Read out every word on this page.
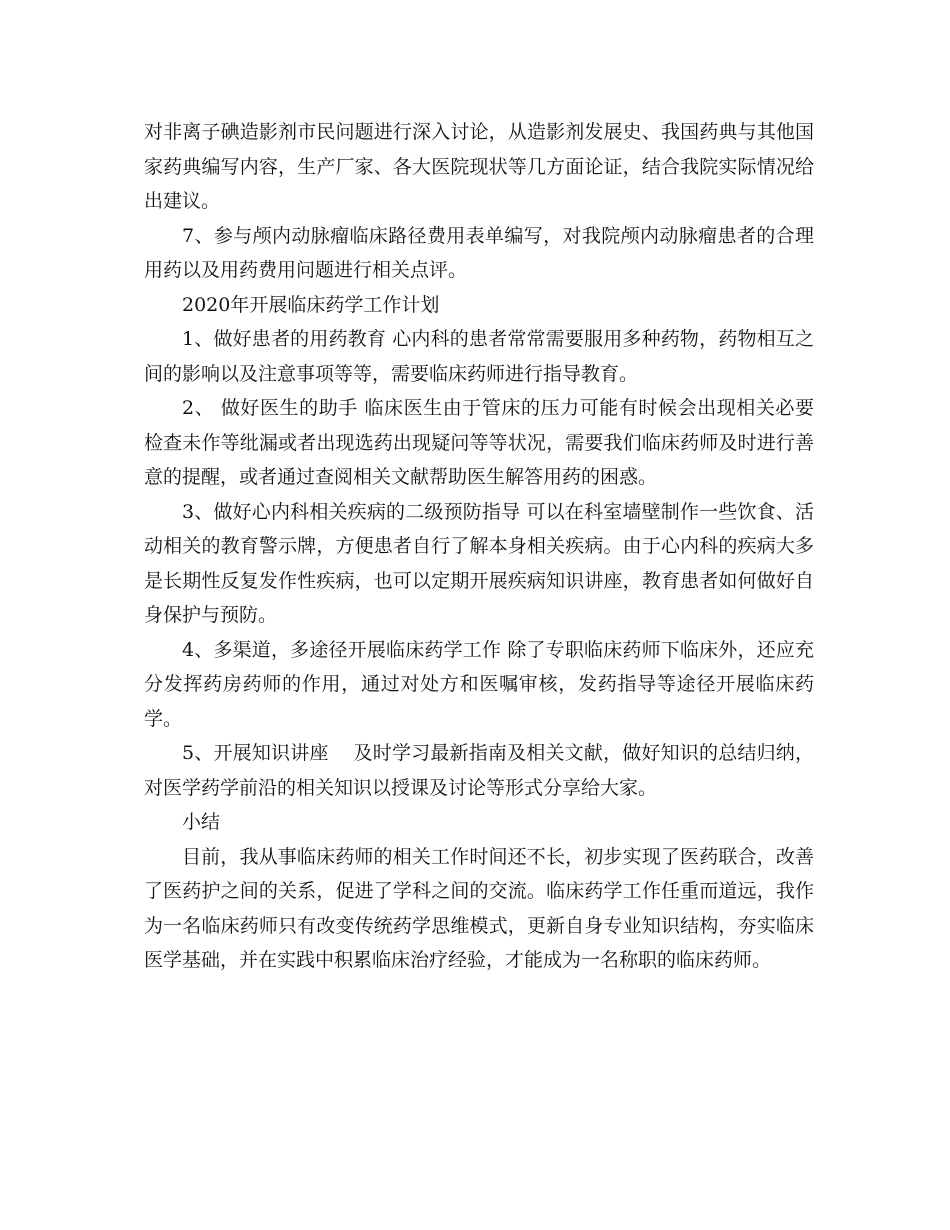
对非离子碘造影剂市民问题进行深入讨论，从造影剂发展史、我国药典与其他国家药典编写内容，生产厂家、各大医院现状等几方面论证，结合我院实际情况给出建议。

7、参与颅内动脉瘤临床路径费用表单编写，对我院颅内动脉瘤患者的合理用药以及用药费用问题进行相关点评。

2020年开展临床药学工作计划

1、做好患者的用药教育 心内科的患者常常需要服用多种药物，药物相互之间的影响以及注意事项等等，需要临床药师进行指导教育。

2、 做好医生的助手 临床医生由于管床的压力可能有时候会出现相关必要检查未作等纰漏或者出现选药出现疑问等等状况，需要我们临床药师及时进行善意的提醒，或者通过查阅相关文献帮助医生解答用药的困惑。

3、做好心内科相关疾病的二级预防指导 可以在科室墙壁制作一些饮食、活动相关的教育警示牌，方便患者自行了解本身相关疾病。由于心内科的疾病大多是长期性反复发作性疾病，也可以定期开展疾病知识讲座，教育患者如何做好自身保护与预防。

4、多渠道，多途径开展临床药学工作 除了专职临床药师下临床外，还应充分发挥药房药师的作用，通过对处方和医嘱审核，发药指导等途径开展临床药学。

5、开展知识讲座    及时学习最新指南及相关文献，做好知识的总结归纳，对医学药学前沿的相关知识以授课及讨论等形式分享给大家。

小结

目前，我从事临床药师的相关工作时间还不长，初步实现了医药联合，改善了医药护之间的关系，促进了学科之间的交流。临床药学工作任重而道远，我作为一名临床药师只有改变传统药学思维模式，更新自身专业知识结构，夯实临床医学基础，并在实践中积累临床治疗经验，才能成为一名称职的临床药师。
